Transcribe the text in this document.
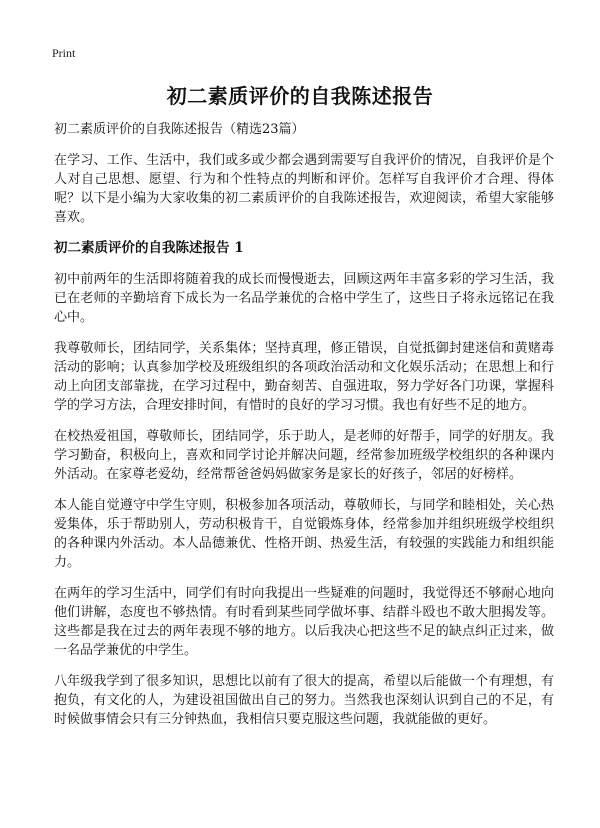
Print
初二素质评价的自我陈述报告

初二素质评价的自我陈述报告（精选23篇）

在学习、工作、生活中，我们或多或少都会遇到需要写自我评价的情况，自我评价是个人对自己思想、愿望、行为和个性特点的判断和评价。怎样写自我评价才合理、得体呢？以下是小编为大家收集的初二素质评价的自我陈述报告，欢迎阅读，希望大家能够喜欢。

初二素质评价的自我陈述报告 1

初中前两年的生活即将随着我的成长而慢慢逝去，回顾这两年丰富多彩的学习生活，我已在老师的辛勤培育下成长为一名品学兼优的合格中学生了，这些日子将永远铭记在我心中。

我尊敬师长，团结同学，关系集体；坚持真理，修正错误，自觉抵御封建迷信和黄赌毒活动的影响；认真参加学校及班级组织的各项政治活动和文化娱乐活动；在思想上和行动上向团支部靠拢，在学习过程中，勤奋刻苦、自强进取，努力学好各门功课，掌握科学的学习方法，合理安排时间，有惜时的良好的学习习惯。我也有好些不足的地方。

在校热爱祖国，尊敬师长，团结同学，乐于助人，是老师的好帮手，同学的好朋友。我学习勤奋，积极向上，喜欢和同学讨论并解决问题，经常参加班级学校组织的各种课内外活动。在家尊老爱幼，经常帮爸爸妈妈做家务是家长的好孩子，邻居的好榜样。

本人能自觉遵守中学生守则，积极参加各项活动，尊敬师长，与同学和睦相处，关心热爱集体，乐于帮助别人，劳动积极肯干，自觉锻炼身体，经常参加并组织班级学校组织的各种课内外活动。本人品德兼优、性格开朗、热爱生活，有较强的实践能力和组织能力。

在两年的学习生活中，同学们有时向我提出一些疑难的问题时，我觉得还不够耐心地向他们讲解，态度也不够热情。有时看到某些同学做坏事、结群斗殴也不敢大胆揭发等。这些都是我在过去的两年表现不够的地方。以后我决心把这些不足的缺点纠正过来，做一名品学兼优的中学生。

八年级我学到了很多知识，思想比以前有了很大的提高，希望以后能做一个有理想，有抱负，有文化的人，为建设祖国做出自己的努力。当然我也深刻认识到自己的不足，有时候做事情会只有三分钟热血，我相信只要克服这些问题，我就能做的更好。
